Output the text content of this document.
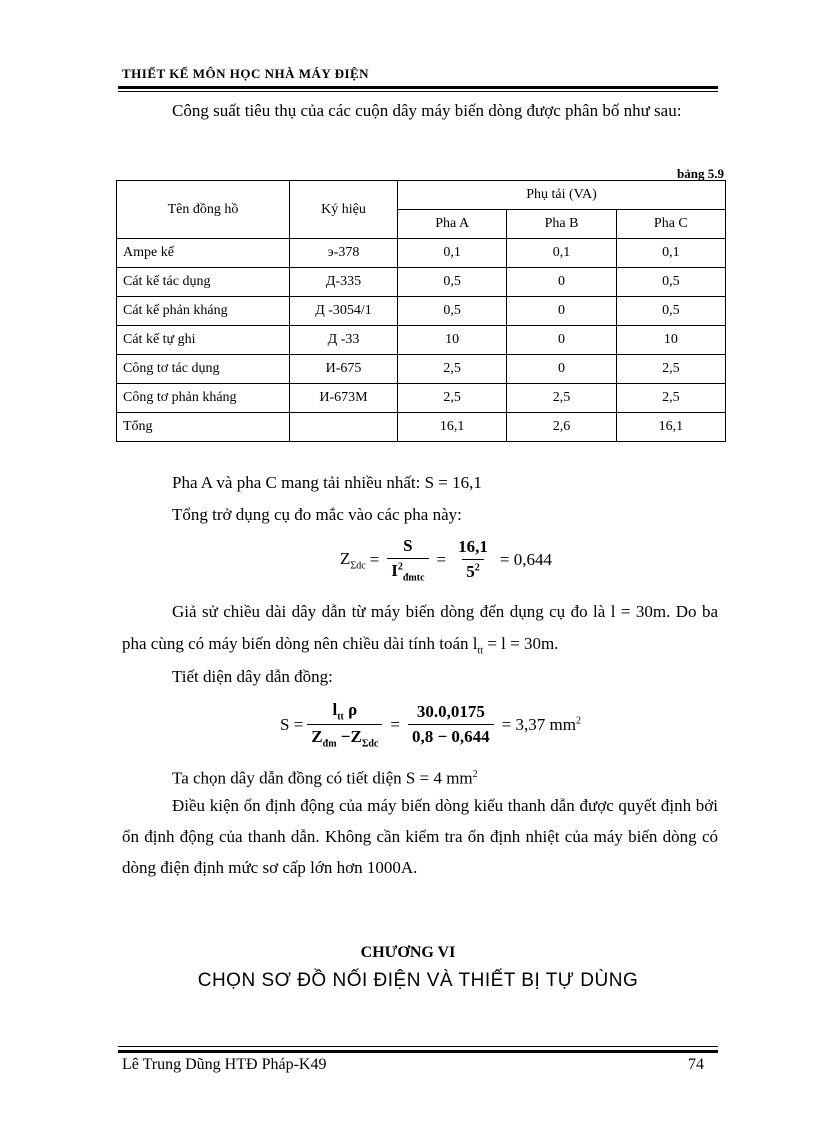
THIẾT KẾ MÔN HỌC NHÀ MÁY ĐIỆN
Công suất tiêu thụ của các cuộn dây máy biến dòng được phân bố như sau:
bảng 5.9
Tên đồng hồ	Ký hiệu	Phụ tải (VA)		
		Pha A	Pha B	Pha C
Ampe kế	э-378	0,1	0,1	0,1
Cát kế tác dụng	Д-335	0,5	0	0,5
Cát kế phản kháng	Д -3054/1	0,5	0	0,5
Cát kế tự ghi	Д -33	10	0	10
Công tơ tác dụng	И-675	2,5	0	2,5
Công tơ phản kháng	И-673M	2,5	2,5	2,5
Tổng		16,1	2,6	16,1
Pha A và pha C mang tải nhiều nhất: S = 16,1
Tổng trở dụng cụ đo mắc vào các pha này:
$Z_{\Sigma dc} = \frac{S}{I^2_{đmtc}} = \frac{16,1}{5^2} = 0,644$
Giả sử chiều dài dây dẫn từ máy biến dòng đến dụng cụ đo là l = 30m. Do ba pha cùng có máy biến dòng nên chiều dài tính toán $l_{tt} = l = 30m$.
Tiết diện dây dẫn đồng:
$S = \frac{l_{tt} \rho}{Z_{đm} -Z_{\Sigma dc}} = \frac{30.0,0175}{0,8 - 0,644} = 3,37$ $mm^2$
Ta chọn dây dẫn đồng có tiết diện S = 4 $mm^2$
Điều kiện ổn định động của máy biến dòng kiểu thanh dẫn được quyết định bởi ổn định động của thanh dẫn. Không cần kiểm tra ổn định nhiệt của máy biến dòng có dòng điện định mức sơ cấp lớn hơn 1000A.
CHƯƠNG VI
CHỌN SƠ ĐỒ NỐI ĐIỆN VÀ THIẾT BỊ TỰ DÙNG
Lê Trung Dũng HTĐ Pháp-K49	74
